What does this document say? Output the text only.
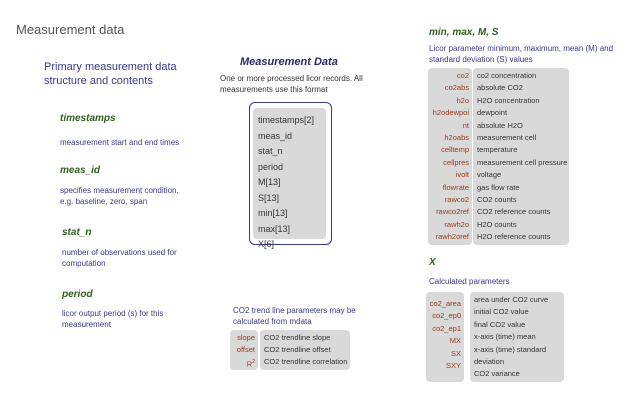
Measurement data
Primary measurement data structure and contents
timestamps
measurement start and end times
meas_id
specifies measurement condition, e.g. baseline, zero, span
stat_n
number of observations used for computation
period
licor output period (s) for this measurement
Measurement Data
One or more processed licor records. All measurements use this format
timestamps[2]
meas_id
stat_n
period
M[13]
S[13]
min[13]
max[13]
X[6]
CO2 trend line parameters may be calculated from mdata
slope
offset
$R^2$
CO2 trendline slope
CO2 trendline offset
CO2 trendline correlation
min, max, M, S
Licor parameter minimum, maximum, mean (M) and standard deviation (S) values
co2
co2abs
h2o
h2odewpoi
nt
h2oabs
celltemp
cellpres
ivolt
flowrate
rawco2
rawco2ref
rawh2o
rawh2oref
co2 concentration
absolute CO2
H2O concentration
dewpoint
absolute H2O
measurement cell
temperature
measurement cell pressure
voltage
gas flow rate
CO2 counts
CO2 reference counts
H2O counts
H2O reference counts
X
Calculated parameters
co2_area
co2_ep0
co2_ep1
MX
SX
SXY
area under CO2 curve
initial CO2 value
final CO2 value
x-axis (time) mean
x-axis (time) standard
deviation
CO2 variance
